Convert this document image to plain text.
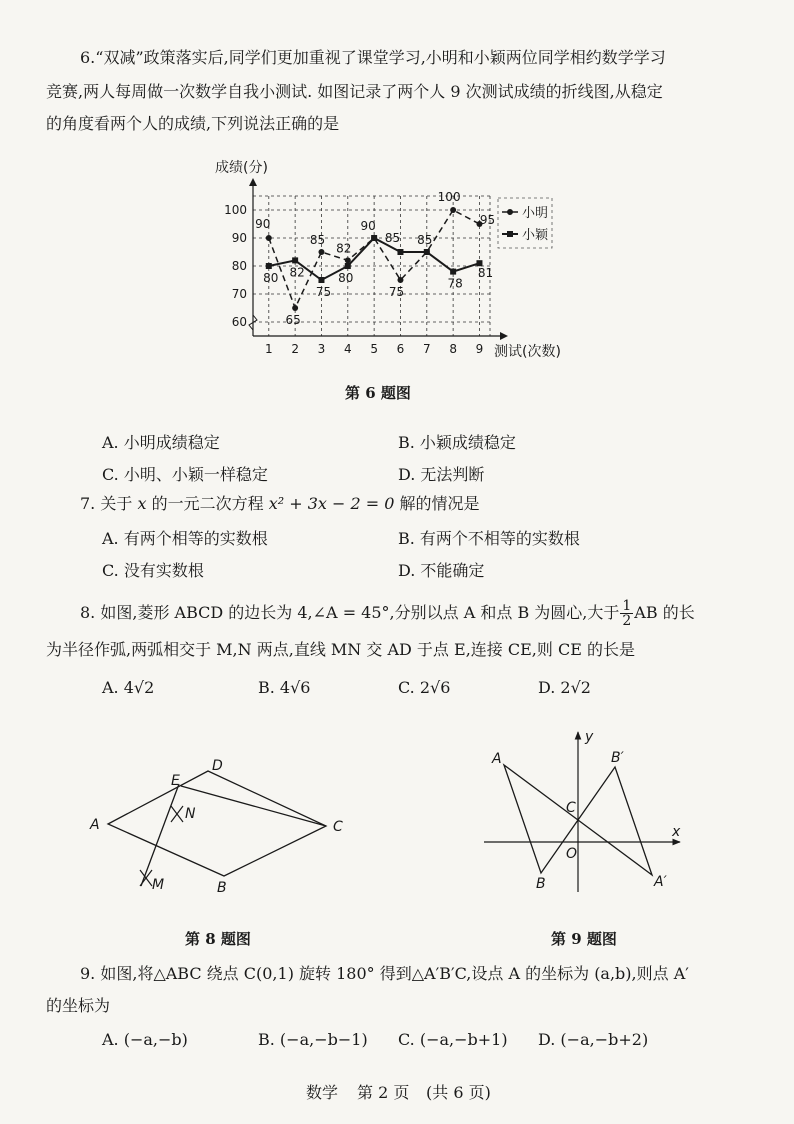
6.“双减”政策落实后,同学们更加重视了课堂学习,小明和小颖两位同学相约数学学习
竞赛,两人每周做一次数学自我小测试. 如图记录了两个人 9 次测试成绩的折线图,从稳定
的角度看两个人的成绩,下列说法正确的是
60
70
80
90
100
1 2 3 4 5 6 7 8 9
成绩(分)
测试(次数)
90
65
85
82
90
75
85
100
95
80 82
75
80
85
78
81
小明
小颖
第 6 题图
A. 小明成绩稳定	B. 小颖成绩稳定
C. 小明、小颖一样稳定	D. 无法判断
7. 关于 x 的一元二次方程 x² + 3x − 2 = 0 解的情况是
A. 有两个相等的实数根	B. 有两个不相等的实数根
C. 没有实数根	D. 不能确定
8. 如图,菱形 ABCD 的边长为 4,∠A = 45°,分别以点 A 和点 B 为圆心,大于 $\frac{1}{2}$ AB 的长
为半径作弧,两弧相交于 M,N 两点,直线 MN 交 AD 于点 E,连接 CE,则 CE 的长是
A. 4√2	B. 4√6	C. 2√6	D. 2√2
A
B
C
D
E
N
M
第 8 题图
A
B
C
A′
B′
O
x
y
第 9 题图
9. 如图,将△ABC 绕点 C(0,1) 旋转 180° 得到△A′B′C,设点 A 的坐标为 (a,b),则点 A′
的坐标为
A. (−a,−b)	B. (−a,−b−1) C. (−a,−b+1) D. (−a,−b+2)
数学 第 2 页 (共 6 页)
